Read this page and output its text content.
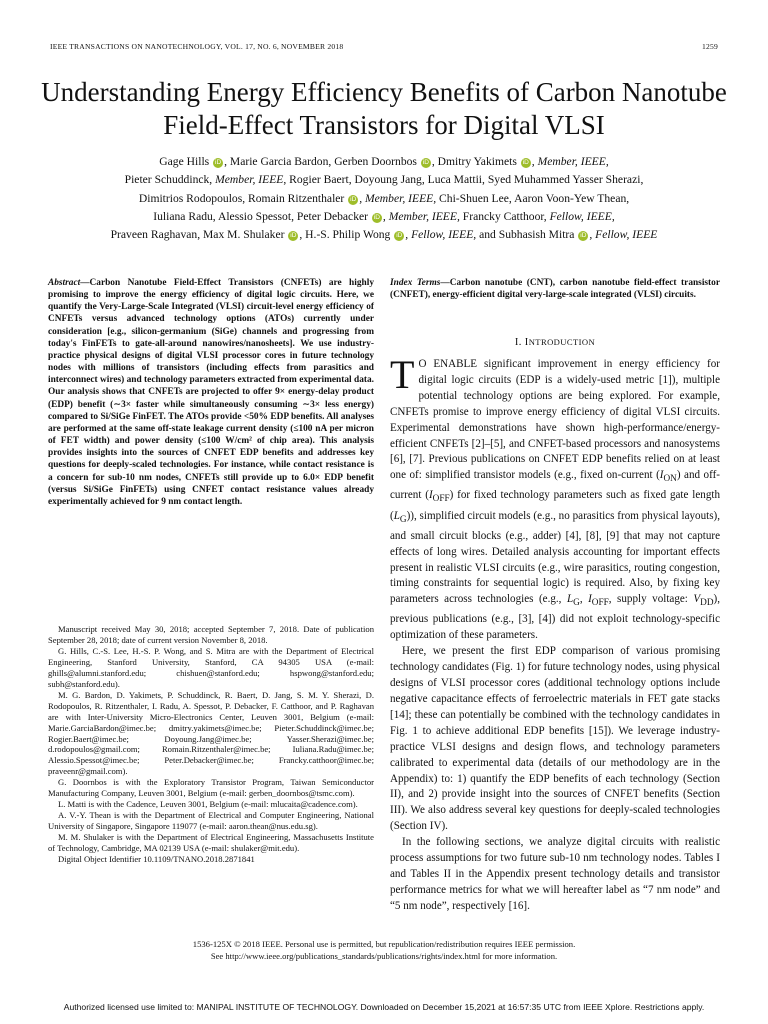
IEEE TRANSACTIONS ON NANOTECHNOLOGY, VOL. 17, NO. 6, NOVEMBER 2018	1259
Understanding Energy Efficiency Benefits of Carbon Nanotube Field-Effect Transistors for Digital VLSI
Gage Hills iD , Marie Garcia Bardon, Gerben Doornbos iD , Dmitry Yakimets iD , Member, IEEE,
Pieter Schuddinck, Member, IEEE, Rogier Baert, Doyoung Jang, Luca Mattii, Syed Muhammed Yasser Sherazi,
Dimitrios Rodopoulos, Romain Ritzenthaler iD , Member, IEEE, Chi-Shuen Lee, Aaron Voon-Yew Thean,
Iuliana Radu, Alessio Spessot, Peter Debacker iD , Member, IEEE, Francky Catthoor, Fellow, IEEE,
Praveen Raghavan, Max M. Shulaker iD , H.-S. Philip Wong iD , Fellow, IEEE, and Subhasish Mitra iD , Fellow, IEEE
Abstract—Carbon Nanotube Field-Effect Transistors (CNFETs) are highly promising to improve the energy efficiency of digital logic circuits. Here, we quantify the Very-Large-Scale Integrated (VLSI) circuit-level energy efficiency of CNFETs versus advanced technology options (ATOs) currently under consideration [e.g., silicon-germanium (SiGe) channels and progressing from today's FinFETs to gate-all-around nanowires/nanosheets]. We use industry-practice physical designs of digital VLSI processor cores in future technology nodes with millions of transistors (including effects from parasitics and interconnect wires) and technology parameters extracted from experimental data. Our analysis shows that CNFETs are projected to offer 9× energy-delay product (EDP) benefit (∼3× faster while simultaneously consuming ∼3× less energy) compared to Si/SiGe FinFET. The ATOs provide <50% EDP benefits. All analyses are performed at the same off-state leakage current density (≤100 nA per micron of FET width) and power density (≤100 W/cm² of chip area). This analysis provides insights into the sources of CNFET EDP benefits and addresses key questions for deeply-scaled technologies. For instance, while contact resistance is a concern for sub-10 nm nodes, CNFETs still provide up to 6.0× EDP benefit (versus Si/SiGe FinFETs) using CNFET contact resistance values already experimentally achieved for 9 nm contact length.

Manuscript received May 30, 2018; accepted September 7, 2018. Date of publication September 28, 2018; date of current version November 8, 2018.

G. Hills, C.-S. Lee, H.-S. P. Wong, and S. Mitra are with the Department of Electrical Engineering, Stanford University, Stanford, CA 94305 USA (e-mail: ghills@alumni.stanford.edu; chishuen@stanford.edu; hspwong@stanford.edu; subh@stanford.edu).

M. G. Bardon, D. Yakimets, P. Schuddinck, R. Baert, D. Jang, S. M. Y. Sherazi, D. Rodopoulos, R. Ritzenthaler, I. Radu, A. Spessot, P. Debacker, F. Catthoor, and P. Raghavan are with Inter-University Micro-Electronics Center, Leuven 3001, Belgium (e-mail: Marie.GarciaBardon@imec.be; dmitry.yakimets@imec.be; Pieter.Schuddinck@imec.be; Rogier.Baert@imec.be; Doyoung.Jang@imec.be; Yasser.Sherazi@imec.be; d.rodopoulos@gmail.com; Romain.Ritzenthaler@imec.be; Iuliana.Radu@imec.be; Alessio.Spessot@imec.be; Peter.Debacker@imec.be; Francky.catthoor@imec.be; praveenr@gmail.com).

G. Doornbos is with the Exploratory Transistor Program, Taiwan Semiconductor Manufacturing Company, Leuven 3001, Belgium (e-mail: gerben_doornbos@tsmc.com).

L. Matti is with the Cadence, Leuven 3001, Belgium (e-mail: mlucaita@cadence.com).

A. V.-Y. Thean is with the Department of Electrical and Computer Engineering, National University of Singapore, Singapore 119077 (e-mail: aaron.thean@nus.edu.sg).

M. M. Shulaker is with the Department of Electrical Engineering, Massachusetts Institute of Technology, Cambridge, MA 02139 USA (e-mail: shulaker@mit.edu).

Digital Object Identifier 10.1109/TNANO.2018.2871841

Index Terms—Carbon nanotube (CNT), carbon nanotube field-effect transistor (CNFET), energy-efficient digital very-large-scale integrated (VLSI) circuits.
I. INTRODUCTION

T O ENABLE significant improvement in energy efficiency for digital logic circuits (EDP is a widely-used metric [1]), multiple potential technology options are being explored. For example, CNFETs promise to improve energy efficiency of digital VLSI circuits. Experimental demonstrations have shown high-performance/energy-efficient CNFETs [2]–[5], and CNFET-based processors and nanosystems [6], [7]. Previous publications on CNFET EDP benefits relied on at least one of: simplified transistor models (e.g., fixed on-current $(I_{ON})$ and off-current $(I_{OFF})$ for fixed technology parameters such as fixed gate length $(L_G)$), simplified circuit models (e.g., no parasitics from physical layouts), and small circuit blocks (e.g., adder) [4], [8], [9] that may not capture effects of long wires. Detailed analysis accounting for important effects present in realistic VLSI circuits (e.g., wire parasitics, routing congestion, timing constraints for sequential logic) is required. Also, by fixing key parameters across technologies (e.g., $L_G$, $I_{OFF}$, supply voltage: $V_{DD}$), previous publications (e.g., [3], [4]) did not exploit technology-specific optimization of these parameters.

Here, we present the first EDP comparison of various promising technology candidates (Fig. 1) for future technology nodes, using physical designs of VLSI processor cores (additional technology options include negative capacitance effects of ferroelectric materials in FET gate stacks [14]; these can potentially be combined with the technology candidates in Fig. 1 to achieve additional EDP benefits [15]). We leverage industry-practice VLSI designs and design flows, and technology parameters calibrated to experimental data (details of our methodology are in the Appendix) to: 1) quantify the EDP benefits of each technology (Section II), and 2) provide insight into the sources of CNFET benefits (Section III). We also address several key questions for deeply-scaled technologies (Section IV).

In the following sections, we analyze digital circuits with realistic process assumptions for two future sub-10 nm technology nodes. Tables I and Tables II in the Appendix present technology details and transistor performance metrics for what we will hereafter label as “7 nm node” and “5 nm node”, respectively [16].

1536-125X © 2018 IEEE. Personal use is permitted, but republication/redistribution requires IEEE permission.
See http://www.ieee.org/publications_standards/publications/rights/index.html for more information.
Authorized licensed use limited to: MANIPAL INSTITUTE OF TECHNOLOGY. Downloaded on December 15,2021 at 16:57:35 UTC from IEEE Xplore. Restrictions apply.
